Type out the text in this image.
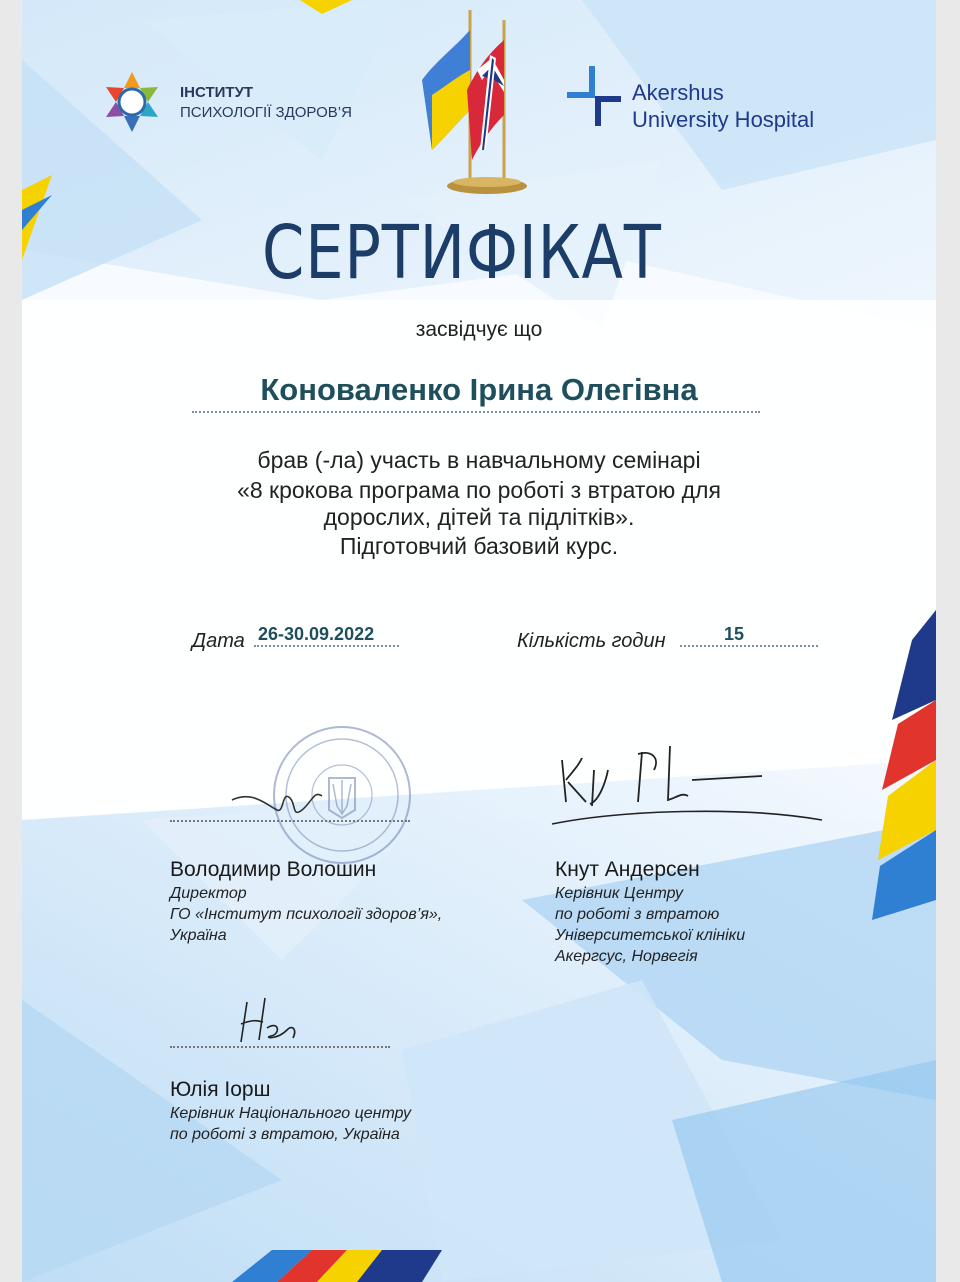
ІНСТИТУТ
ПСИХОЛОГІЇ ЗДОРОВ’Я
Akershus
University Hospital
СЕРТИФІКАТ
засвідчує що
Коноваленко Ірина Олегівна
брав (-ла) участь в навчальному семінарі
«8 крокова програма по роботі з втратою для
дорослих, дітей та підлітків».
Підготовчий базовий курс.
Дата 26-30.09.2022	Кількість годин	15
Володимир Волошин
Директор
ГО «Інститут психології здоров’я»,
Україна
Кнут Андерсен
Керівник Центру
по роботі з втратою
Університетської клініки
Акергсус, Норвегія
Юлія Іорш
Керівник Національного центру
по роботі з втратою, Україна
